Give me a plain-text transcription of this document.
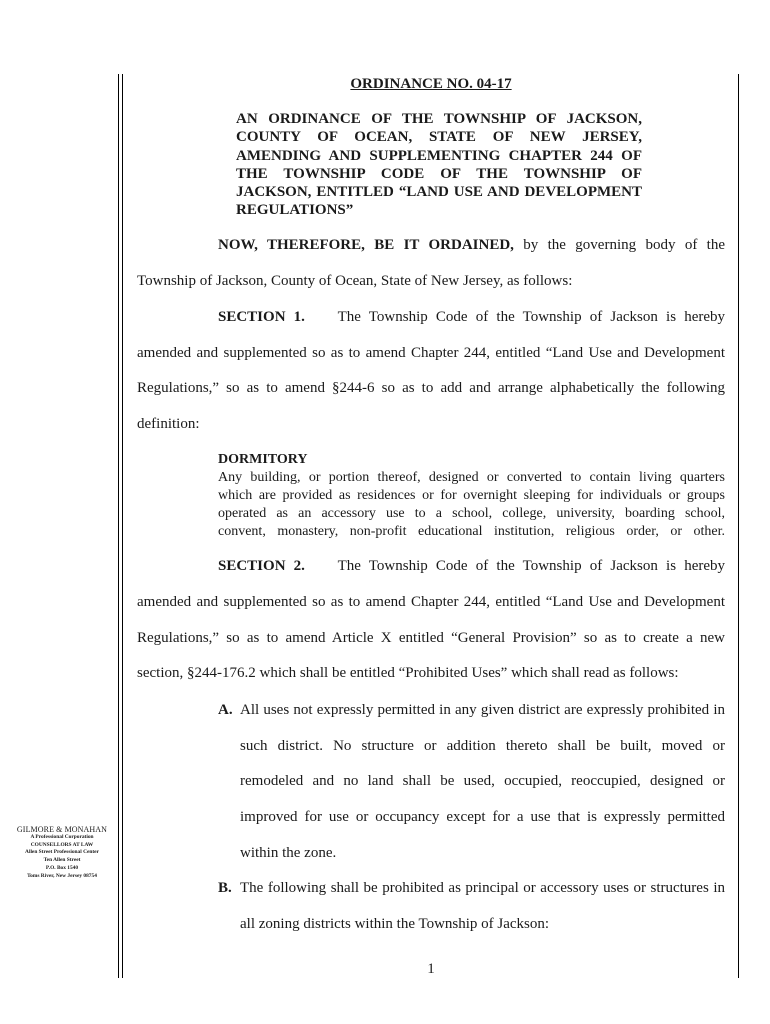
ORDINANCE NO. 04-17
AN ORDINANCE OF THE TOWNSHIP OF JACKSON,
COUNTY OF OCEAN, STATE OF NEW JERSEY,
AMENDING AND SUPPLEMENTING CHAPTER 244 OF
THE TOWNSHIP CODE OF THE TOWNSHIP OF
JACKSON, ENTITLED “LAND USE AND DEVELOPMENT
REGULATIONS”
NOW, THEREFORE, BE IT ORDAINED, by the governing body of the
Township of Jackson, County of Ocean, State of New Jersey, as follows:
SECTION 1. The Township Code of the Township of Jackson is hereby
amended and supplemented so as to amend Chapter 244, entitled “Land Use and Development
Regulations,” so as to amend §244-6 so as to add and arrange alphabetically the following
definition:
DORMITORY
Any building, or portion thereof, designed or converted to contain living quarters
which are provided as residences or for overnight sleeping for individuals or groups
operated as an accessory use to a school, college, university, boarding school,
convent, monastery, non-profit educational institution, religious order, or other.
SECTION 2. The Township Code of the Township of Jackson is hereby
amended and supplemented so as to amend Chapter 244, entitled “Land Use and Development
Regulations,” so as to amend Article X entitled “General Provision” so as to create a new
section, §244-176.2 which shall be entitled “Prohibited Uses” which shall read as follows:
A. All uses not expressly permitted in any given district are expressly prohibited in
such district. No structure or addition thereto shall be built, moved or
remodeled and no land shall be used, occupied, reoccupied, designed or
improved for use or occupancy except for a use that is expressly permitted
within the zone.
B. The following shall be prohibited as principal or accessory uses or structures in
all zoning districts within the Township of Jackson:
GILMORE & MONAHAN
A Professional Corporation
COUNSELLORS AT LAW
Allen Street Professional Center
Ten Allen Street
P.O. Box 1540
Toms River, New Jersey 08754
1
